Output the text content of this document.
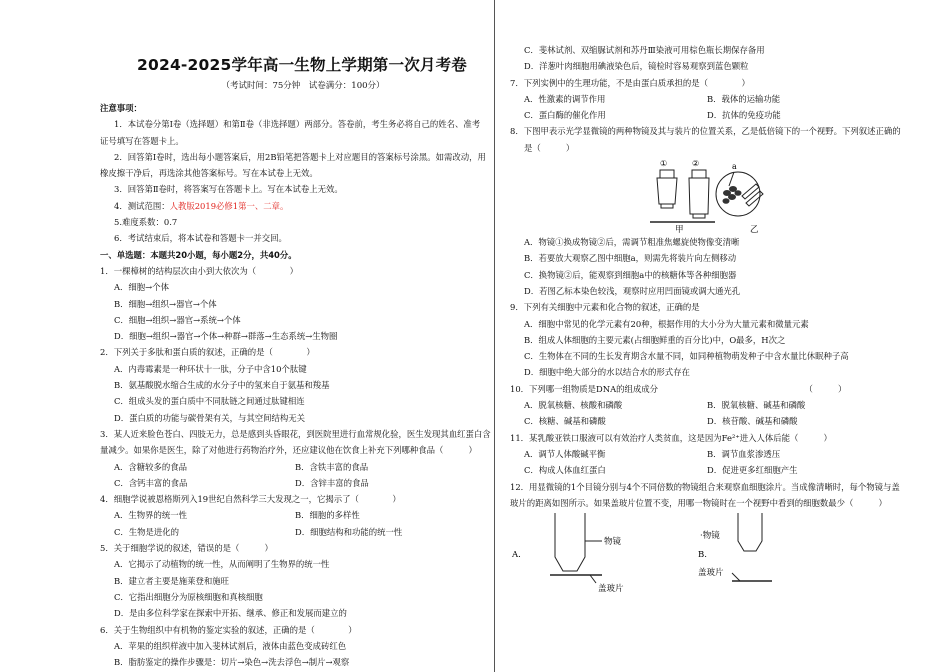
2024-2025学年高一生物上学期第一次月考卷
（考试时间：75分钟　试卷满分：100分）

注意事项：

1．本试卷分第Ⅰ卷（选择题）和第Ⅱ卷（非选择题）两部分。答卷前，考生务必将自己的姓名、准考

证号填写在答题卡上。

2．回答第Ⅰ卷时，选出每小题答案后，用2B铅笔把答题卡上对应题目的答案标号涂黑。如需改动，用

橡皮擦干净后，再选涂其他答案标号。写在本试卷上无效。

3．回答第Ⅱ卷时，将答案写在答题卡上。写在本试卷上无效。

4．测试范围：人教版2019必修1第一、二章。

5.难度系数：0.7

6．考试结束后，将本试卷和答题卡一并交回。

一、单选题：本题共20小题，每小题2分，共40分。

1．一棵樟树的结构层次由小到大依次为（　　　　）

A．细胞→个体

B．细胞→组织→器官→个体

C．细胞→组织→器官→系统→个体

D．细胞→组织→器官→个体→种群→群落→生态系统→生物圈

2．下列关于多肽和蛋白质的叙述，正确的是（　　　　）

A．内毒霉素是一种环状十一肽，分子中含10个肽键

B．氨基酸脱水缩合生成的水分子中的氢来自于氨基和羧基

C．组成头发的蛋白质中不同肽链之间通过肽键相连

D．蛋白质的功能与碳骨架有关，与其空间结构无关

3．某人近来脸色苍白、四肢无力，总是感到头昏眼花，到医院里进行血常规化验，医生发现其血红蛋白含

量减少。如果你是医生，除了对他进行药物治疗外，还应建议他在饮食上补充下列哪种食品（　　　）

A．含糖较多的食品	B．含铁丰富的食品

C．含钙丰富的食品	D．含锌丰富的食品

4．细胞学说被恩格斯列入19世纪自然科学三大发现之一，它揭示了（　　　　）

A．生物界的统一性	B．细胞的多样性

C．生物是进化的	D．细胞结构和功能的统一性

5．关于细胞学说的叙述，错误的是（　　　）

A．它揭示了动植物的统一性，从而阐明了生物界的统一性

B．建立者主要是施莱登和施旺

C．它指出细胞分为原核细胞和真核细胞

D．是由多位科学家在探索中开拓、继承、修正和发展而建立的

6．关于生物组织中有机物的鉴定实验的叙述，正确的是（　　　　）

A．苹果的组织样液中加入斐林试剂后，液体由蓝色变成砖红色

B．脂肪鉴定的操作步骤是：切片→染色→洗去浮色→制片→观察

C．斐林试剂、双缩脲试剂和苏丹Ⅲ染液可用棕色瓶长期保存备用

D．洋葱叶肉细胞用碘液染色后，镜检时容易观察到蓝色颗粒

7．下列实例中的生理功能，不是由蛋白质承担的是（　　　　）

A．性激素的调节作用	B．载体的运输功能

C．蛋白酶的催化作用	D．抗体的免疫功能

8．下图甲表示光学显微镜的两种物镜及其与装片的位置关系，乙是低倍镜下的一个视野。下列叙述正确的

是（　　　）

①	②	a
甲	乙

A．物镜①换成物镜②后，需调节粗准焦螺旋使物像变清晰

B．若要放大观察乙图中细胞a，则需先将装片向左侧移动

C．换物镜②后，能观察到细胞a中的核糖体等各种细胞器

D．若图乙标本染色较浅，观察时应用凹面镜或调大通光孔

9．下列有关细胞中元素和化合物的叙述，正确的是

A．细胞中常见的化学元素有20种，根据作用的大小分为大量元素和微量元素

B．组成人体细胞的主要元素(占细胞鲜重的百分比)中，O最多，H次之

C．生物体在不同的生长发育期含水量不同，如同种植物萌发种子中含水量比休眠种子高

D．细胞中绝大部分的水以结合水的形式存在

10．下列哪一组物质是DNA的组成成分　　　　　　　　　　　　　　　　　　（　　　）

A．脱氧核糖、核酸和磷酸	B．脱氧核糖、碱基和磷酸

C．核糖、碱基和磷酸	D．核苷酸、碱基和磷酸

11．某乳酸亚铁口服液可以有效治疗人类贫血，这是因为Fe²⁺进入人体后能（　　　）

A．调节人体酸碱平衡	B．调节血浆渗透压

C．构成人体血红蛋白	D．促进更多红细胞产生

12．用显微镜的1个目镜分别与4个不同倍数的物镜组合来观察血细胞涂片。当成像清晰时，每个物镜与盖

玻片的距离如图所示。如果盖玻片位置不变，用哪一物镜时在一个视野中看到的细胞数最少（　　　）

A.	B.
物镜
盖玻片
·物镜
盖玻片
